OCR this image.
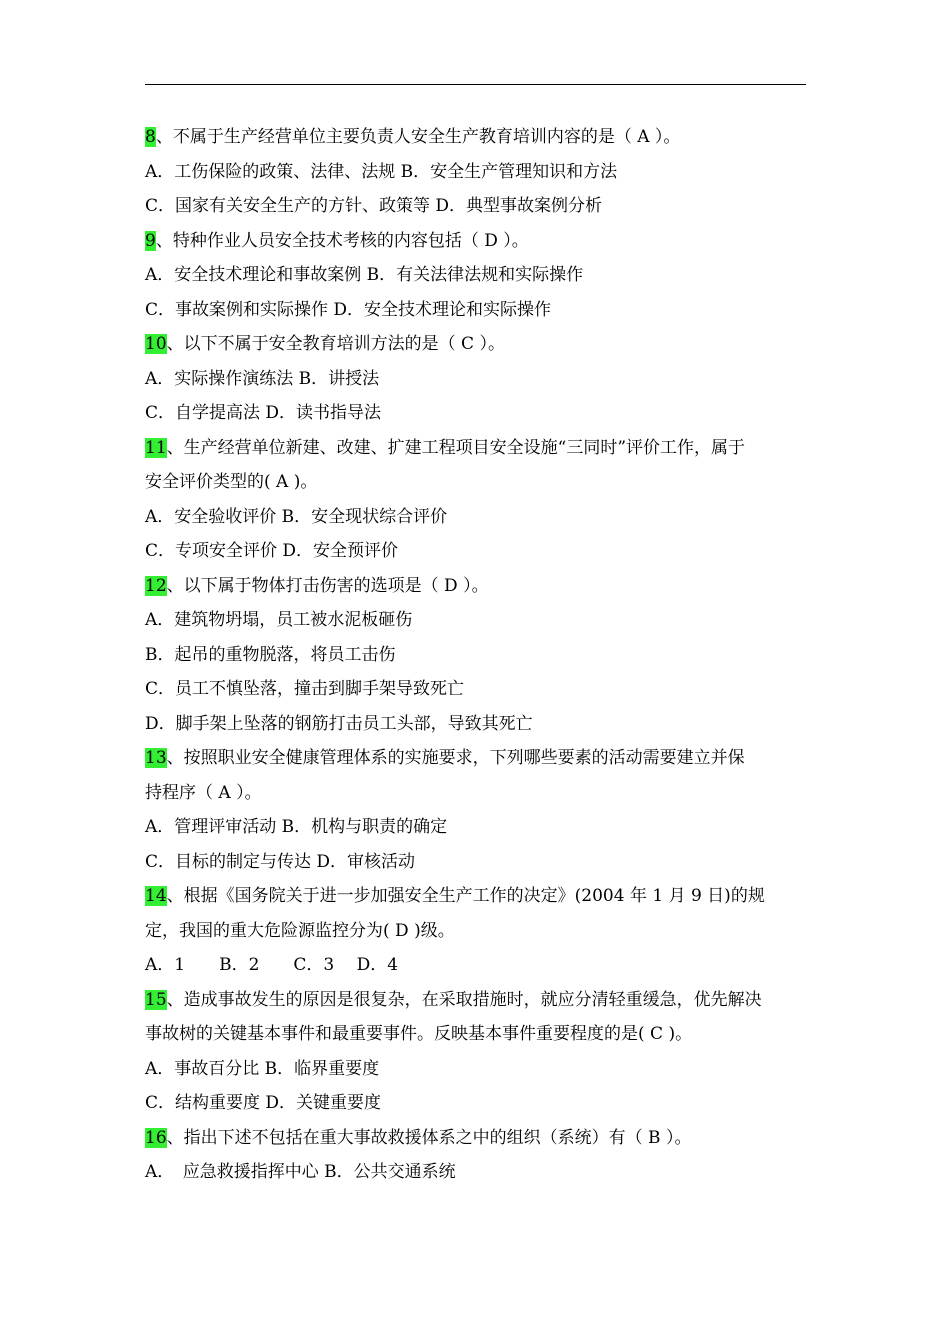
8、不属于生产经营单位主要负责人安全生产教育培训内容的是（ A ）。
A．工伤保险的政策、法律、法规 B．安全生产管理知识和方法
C．国家有关安全生产的方针、政策等 D．典型事故案例分析
9、特种作业人员安全技术考核的内容包括（ D ）。
A．安全技术理论和事故案例 B．有关法律法规和实际操作
C．事故案例和实际操作 D．安全技术理论和实际操作
10、以下不属于安全教育培训方法的是（ C ）。
A．实际操作演练法 B．讲授法
C．自学提高法 D．读书指导法
11、生产经营单位新建、改建、扩建工程项目安全设施“三同时”评价工作，属于
安全评价类型的( A )。
A．安全验收评价 B．安全现状综合评价
C．专项安全评价 D．安全预评价
12、以下属于物体打击伤害的选项是（ D ）。
A．建筑物坍塌，员工被水泥板砸伤
B．起吊的重物脱落，将员工击伤
C．员工不慎坠落，撞击到脚手架导致死亡
D．脚手架上坠落的钢筋打击员工头部，导致其死亡
13、按照职业安全健康管理体系的实施要求，下列哪些要素的活动需要建立并保
持程序（ A ）。
A．管理评审活动 B．机构与职责的确定
C．目标的制定与传达 D．审核活动
14、根据《国务院关于进一步加强安全生产工作的决定》(2004 年 1 月 9 日)的规
定，我国的重大危险源监控分为( D )级。
A．1　　B．2　　C．3　 D．4
15、造成事故发生的原因是很复杂，在采取措施时，就应分清轻重缓急，优先解决
事故树的关键基本事件和最重要事件。反映基本事件重要程度的是( C )。
A．事故百分比 B．临界重要度
C．结构重要度 D．关键重要度
16、指出下述不包括在重大事故救援体系之中的组织（系统）有（ B ）。
A．　应急救援指挥中心 B．公共交通系统
